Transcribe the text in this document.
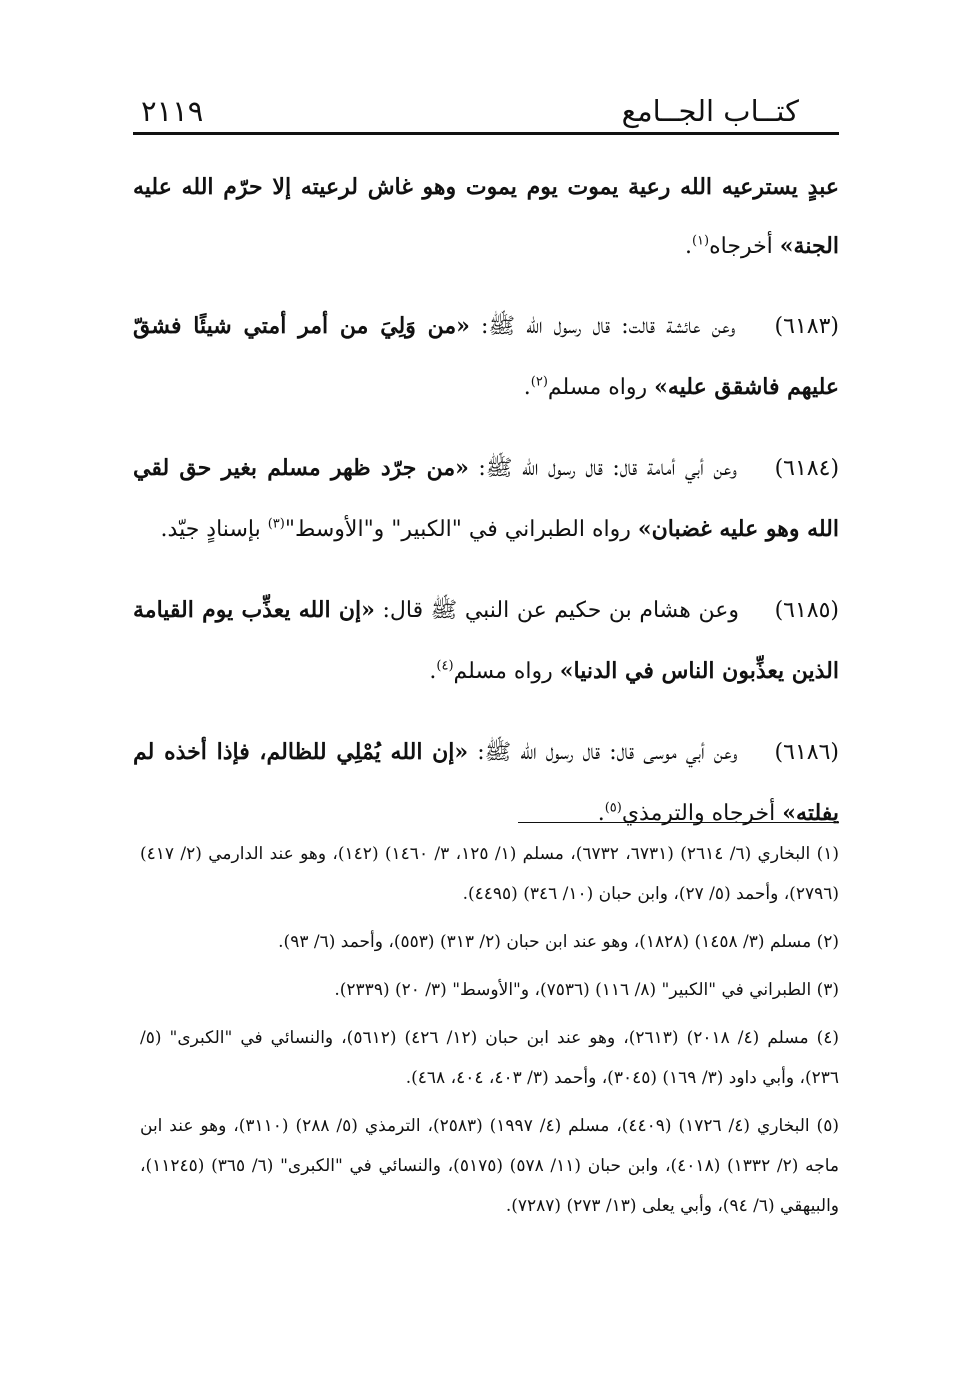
كتــاب الجــامع
٢١١٩

عبدٍ يسترعيه الله رعية يموت يوم يموت وهو غاش لرعيته إلا حرّم الله عليه الجنة» أخرجاه$^{(١)}$.

(٦١٨٣) وعن عائشة قالت: قال رسول الله ﷺ: «من وَلِيَ من أمر أمتي شيئًا فشقّ عليهم فاشقق عليه» رواه مسلم$^{(٢)}$.

(٦١٨٤) وعن أبي أمامة قال: قال رسول الله ﷺ: «من جرّد ظهر مسلم بغير حق لقي الله وهو عليه غضبان» رواه الطبراني في "الكبير" و"الأوسط"$^{(٣)}$ بإسنادٍ جيّد.

(٦١٨٥) وعن هشام بن حكيم عن النبي ﷺ قال: «إن الله يعذِّب يوم القيامة الذين يعذِّبون الناس في الدنيا» رواه مسلم$^{(٤)}$.

(٦١٨٦) وعن أبي موسى قال: قال رسول الله ﷺ: «إن الله يُمْلِي للظالم، فإذا أخذه لم يفلته» أخرجاه والترمذي$^{(٥)}$.

(١) البخاري (٦/ ٢٦١٤) (٦٧٣١، ٦٧٣٢)، مسلم (١/ ١٢٥، ٣/ ١٤٦٠) (١٤٢)، وهو عند الدارمي (٢/ ٤١٧) (٢٧٩٦)، وأحمد (٥/ ٢٧)، وابن حبان (١٠/ ٣٤٦) (٤٤٩٥).

(٢) مسلم (٣/ ١٤٥٨) (١٨٢٨)، وهو عند ابن حبان (٢/ ٣١٣) (٥٥٣)، وأحمد (٦/ ٩٣).

(٣) الطبراني في "الكبير" (٨/ ١١٦) (٧٥٣٦)، و"الأوسط" (٣/ ٢٠) (٢٣٣٩).

(٤) مسلم (٤/ ٢٠١٨) (٢٦١٣)، وهو عند ابن حبان (١٢/ ٤٢٦) (٥٦١٢)، والنسائي في "الكبرى" (٥/ ٢٣٦)، وأبي داود (٣/ ١٦٩) (٣٠٤٥)، وأحمد (٣/ ٤٠٣، ٤٠٤، ٤٦٨).

(٥) البخاري (٤/ ١٧٢٦) (٤٤٠٩)، مسلم (٤/ ١٩٩٧) (٢٥٨٣)، الترمذي (٥/ ٢٨٨) (٣١١٠)، وهو عند ابن ماجه (٢/ ١٣٣٢) (٤٠١٨)، وابن حبان (١١/ ٥٧٨) (٥١٧٥)، والنسائي في "الكبرى" (٦/ ٣٦٥) (١١٢٤٥)، والبيهقي (٦/ ٩٤)، وأبي يعلى (١٣/ ٢٧٣) (٧٢٨٧).
